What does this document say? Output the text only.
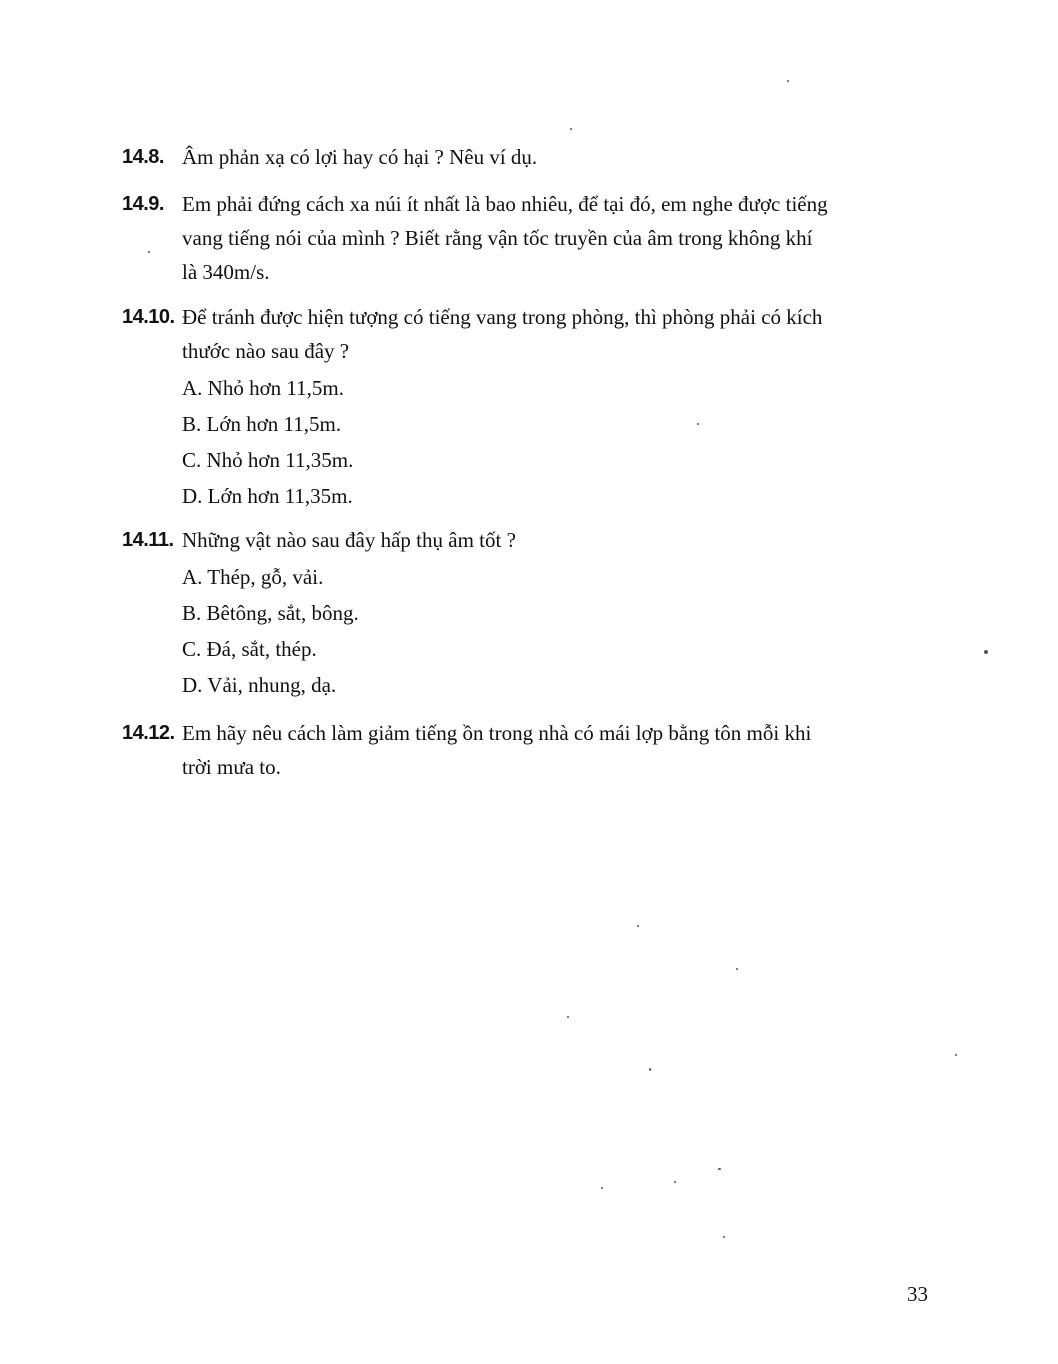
14.8. Âm phản xạ có lợi hay có hại ? Nêu ví dụ.
14.9. Em phải đứng cách xa núi ít nhất là bao nhiêu, để tại đó, em nghe được tiếng
vang tiếng nói của mình ? Biết rằng vận tốc truyền của âm trong không khí
là 340m/s.
14.10. Để tránh được hiện tượng có tiếng vang trong phòng, thì phòng phải có kích
thước nào sau đây ?
A. Nhỏ hơn 11,5m.
B. Lớn hơn 11,5m.
C. Nhỏ hơn 11,35m.
D. Lớn hơn 11,35m.
14.11. Những vật nào sau đây hấp thụ âm tốt ?
A. Thép, gỗ, vải.
B. Bêtông, sắt, bông.
C. Đá, sắt, thép.
D. Vải, nhung, dạ.
14.12. Em hãy nêu cách làm giảm tiếng ồn trong nhà có mái lợp bằng tôn mỗi khi
trời mưa to.
33
